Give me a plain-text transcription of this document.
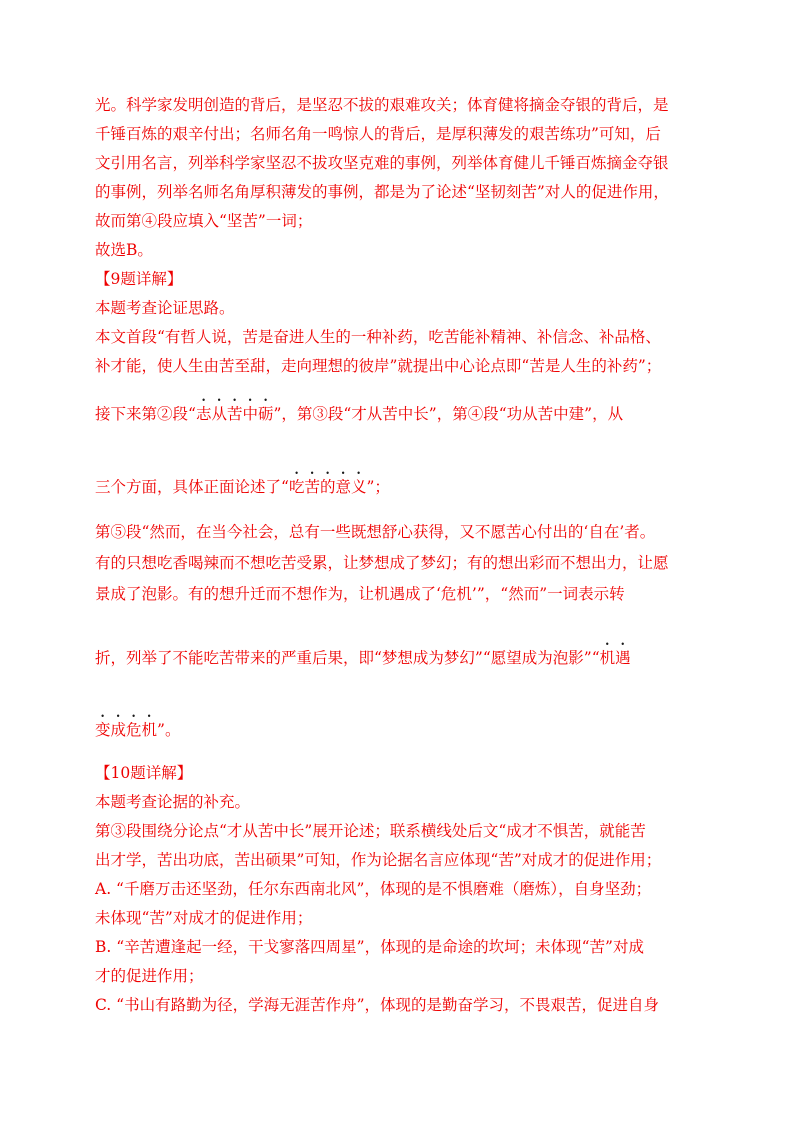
光。科学家发明创造的背后，是坚忍不拔的艰难攻关；体育健将摘金夺银的背后，是

千锤百炼的艰辛付出；名师名角一鸣惊人的背后，是厚积薄发的艰苦练功”可知，后

文引用名言，列举科学家坚忍不拔攻坚克难的事例，列举体育健儿千锤百炼摘金夺银

的事例，列举名师名角厚积薄发的事例，都是为了论述“坚韧刻苦”对人的促进作用，

故而第④段应填入“坚苦”一词；

故选B。

【9题详解】

本题考查论证思路。

本文首段“有哲人说，苦是奋进人生的一种补药，吃苦能补精神、补信念、补品格、

补才能，使人生由苦至甜，走向理想的彼岸”就提出中心论点即“苦是人生的补药”；

接下来第②段“志从苦中砺”，第③段“才从苦中长”，第④段“功从苦中建”，从

三个方面，具体正面论述了“吃苦的意义”；

第⑤段“然而，在当今社会，总有一些既想舒心获得，又不愿苦心付出的‘自在’者。

有的只想吃香喝辣而不想吃苦受累，让梦想成了梦幻；有的想出彩而不想出力，让愿

景成了泡影。有的想升迁而不想作为，让机遇成了‘危机’”，“然而”一词表示转

折，列举了不能吃苦带来的严重后果，即“梦想成为梦幻”“愿望成为泡影”“机遇

变成危机”。

【10题详解】

本题考查论据的补充。

第③段围绕分论点“才从苦中长”展开论述；联系横线处后文“成才不惧苦，就能苦

出才学，苦出功底，苦出硕果”可知，作为论据名言应体现“苦”对成才的促进作用；

A. “千磨万击还坚劲，任尔东西南北风”，体现的是不惧磨难（磨炼），自身坚劲；

未体现“苦”对成才的促进作用；

B. “辛苦遭逢起一经，干戈寥落四周星”，体现的是命途的坎坷；未体现“苦”对成

才的促进作用；

C. “书山有路勤为径，学海无涯苦作舟”，体现的是勤奋学习，不畏艰苦，促进自身
